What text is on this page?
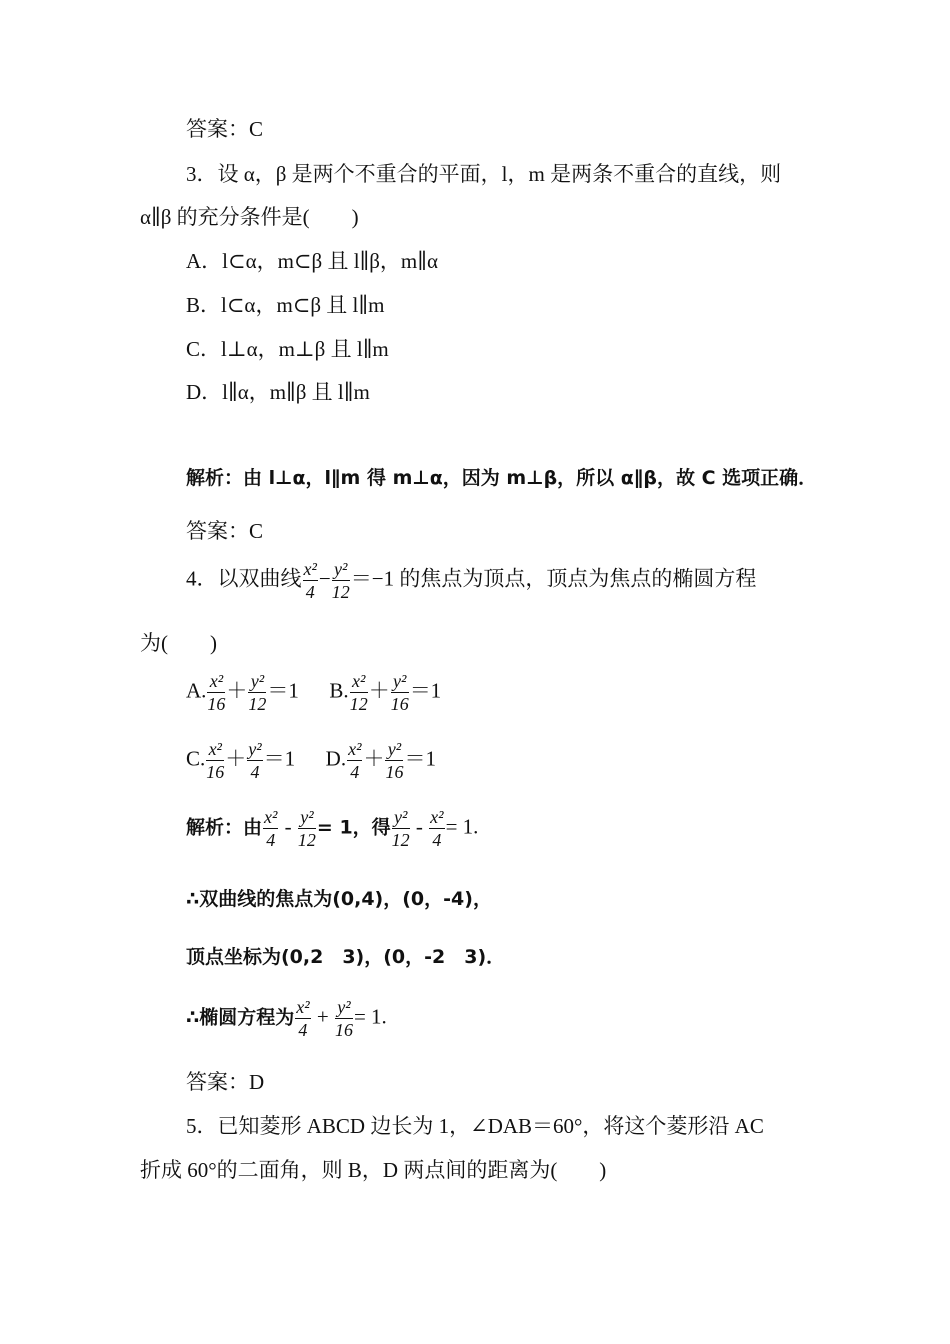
答案：C
3．设 α，β 是两个不重合的平面，l，m 是两条不重合的直线，则
α∥β 的充分条件是(　　)
A．l⊂α，m⊂β 且 l∥β，m∥α
B．l⊂α，m⊂β 且 l∥m
C．l⊥α，m⊥β 且 l∥m
D．l∥α，m∥β 且 l∥m
解析：由 l⊥α，l∥m 得 m⊥α，因为 m⊥β，所以 α∥β，故 C 选项正确．
答案：C
4．以双曲线 $\frac{\text{x²}}{4} - \frac{\text{y²}}{12} =-1$ 的焦点为顶点，顶点为焦点的椭圆方程
为(　　)
A. $\frac{\text{x²}}{16} + \frac{\text{y²}}{12} =1$ B. $\frac{\text{x²}}{12} + \frac{\text{y²}}{16} =1$
C. $\frac{\text{x²}}{16} + \frac{\text{y²}}{4} =1$ D. $\frac{\text{x²}}{4} + \frac{\text{y²}}{16} =1$
解析：由 $\frac{\text{x²}}{4} - \frac{\text{y²}}{12} = 1$，得 $\frac{\text{y²}}{12} - \frac{\text{x²}}{4} = 1$.
∴双曲线的焦点为(0,4)，(0，-4)，
顶点坐标为(0,2　3)，(0，-2　3)．
∴椭圆方程为 $\frac{\text{x²}}{4} + \frac{\text{y²}}{16} = 1$.
答案：D
5．已知菱形 ABCD 边长为 1，∠DAB＝60°，将这个菱形沿 AC
折成 60°的二面角，则 B，D 两点间的距离为(　　)
